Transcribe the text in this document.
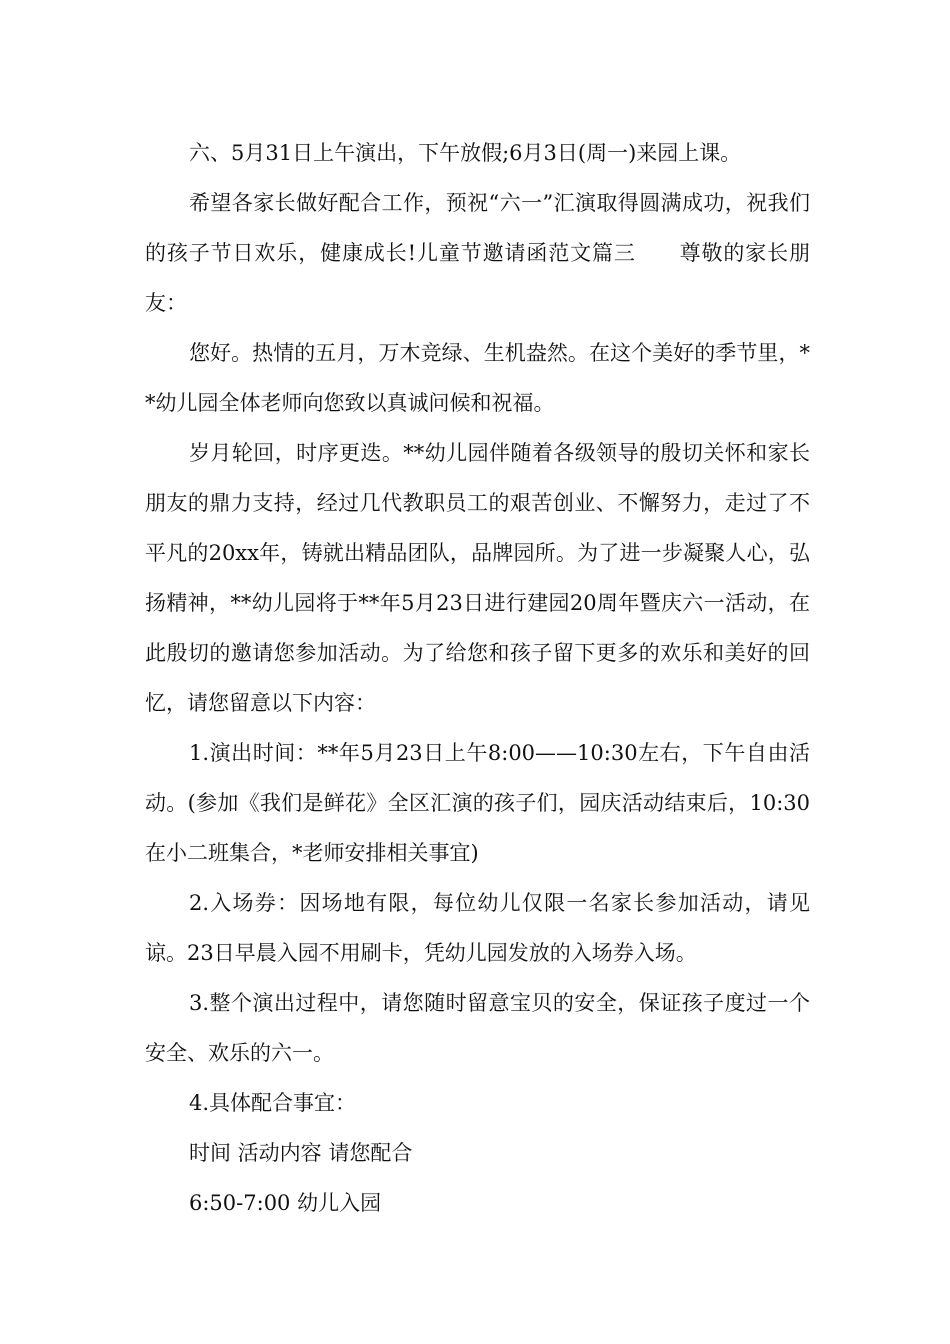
六、5月31日上午演出，下午放假;6月3日(周一)来园上课。

希望各家长做好配合工作，预祝“六一”汇演取得圆满成功，祝我们的孩子节日欢乐，健康成长!儿童节邀请函范文篇三　　尊敬的家长朋友：

您好。热情的五月，万木竞绿、生机盎然。在这个美好的季节里，**幼儿园全体老师向您致以真诚问候和祝福。

岁月轮回，时序更迭。**幼儿园伴随着各级领导的殷切关怀和家长朋友的鼎力支持，经过几代教职员工的艰苦创业、不懈努力，走过了不平凡的20xx年，铸就出精品团队，品牌园所。为了进一步凝聚人心，弘扬精神，**幼儿园将于**年5月23日进行建园20周年暨庆六一活动，在此殷切的邀请您参加活动。为了给您和孩子留下更多的欢乐和美好的回忆，请您留意以下内容：

1.演出时间：**年5月23日上午8:00——10:30左右，下午自由活动。(参加《我们是鲜花》全区汇演的孩子们，园庆活动结束后，10:30在小二班集合，*老师安排相关事宜)

2.入场券：因场地有限，每位幼儿仅限一名家长参加活动，请见谅。23日早晨入园不用刷卡，凭幼儿园发放的入场券入场。

3.整个演出过程中，请您随时留意宝贝的安全，保证孩子度过一个安全、欢乐的六一。

4.具体配合事宜：

时间 活动内容 请您配合

6:50-7:00 幼儿入园
